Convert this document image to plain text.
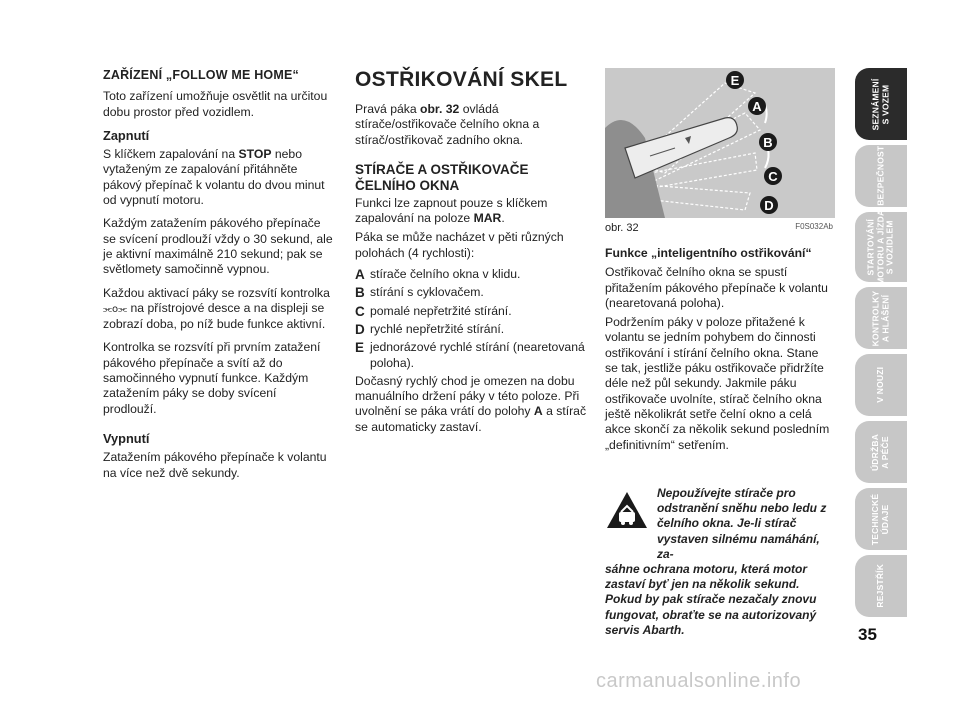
ZAŘÍZENÍ „FOLLOW ME HOME“

Toto zařízení umožňuje osvětlit na určitou dobu prostor před vozidlem.

Zapnutí

S klíčkem zapalování na STOP nebo vytaženým ze zapalování přitáhněte pákový přepínač k volantu do dvou minut od vypnutí motoru.

Každým zatažením pákového přepínače se svícení prodlouží vždy o 30 sekund, ale je aktivní maximálně 210 sekund; pak se světlomety samočinně vypnou.

Každou aktivací páky se rozsvítí kontrolka ⫘o⫘ na přístrojové desce a na displeji se zobrazí doba, po níž bude funkce aktivní.

Kontrolka se rozsvítí při prvním zatažení pákového přepínače a svítí až do samočinného vypnutí funkce. Každým zatažením páky se doby svícení prodlouží.

Vypnutí

Zatažením pákového přepínače k volantu na více než dvě sekundy.

OSTŘIKOVÁNÍ SKEL

Pravá páka obr. 32 ovládá stírače/ostřikovače čelního okna a stírač/ostřikovač zadního okna.

STÍRAČE A OSTŘIKOVAČE ČELNÍHO OKNA

Funkci lze zapnout pouze s klíčkem zapalování na poloze MAR.

Páka se může nacházet v pěti různých polohách (4 rychlosti):

A stírače čelního okna v klidu.
B stírání s cyklovačem.
C pomalé nepřetržité stírání.
D rychlé nepřetržité stírání.
E jednorázové rychlé stírání (nearetovaná poloha).

Dočasný rychlý chod je omezen na dobu manuálního držení páky v této poloze. Při uvolnění se páka vrátí do polohy A a stírač se automaticky zastaví.

E
A
B
C
D
obr. 32	F0S032Ab

Funkce „inteligentního ostřikování“

Ostřikovač čelního okna se spustí přitažením pákového přepínače k volantu (nearetovaná poloha).

Podržením páky v poloze přitažené k volantu se jedním pohybem do činnosti ostřikování i stírání čelního okna. Stane se tak, jestliže páku ostřikovače přidržíte déle než půl sekundy. Jakmile páku ostřikovače uvolníte, stírač čelního okna ještě několikrát setře čelní okno a celá akce skončí za několik sekund posledním „definitivním“ setřením.

Nepoužívejte stírače pro odstranění sněhu nebo ledu z čelního okna. Je-li stírač vystaven silnému namáhání, za-
sáhne ochrana motoru, která motor zastaví byť jen na několik sekund. Pokud by pak stírače nezačaly znovu fungovat, obraťte se na autorizovaný servis Abarth.
SEZNÁMENÍ
S VOZEM
BEZPEČNOST
STARTOVÁNÍ
MOTORU A JÍZDA
S VOZIDLEM
KONTROLKY
A HLÁŠENÍ
V NOUZI
ÚDRŽBA
A PÉČE
TECHNICKÉ
ÚDAJE
REJSTŘÍK
35
carmanualsonline.info
